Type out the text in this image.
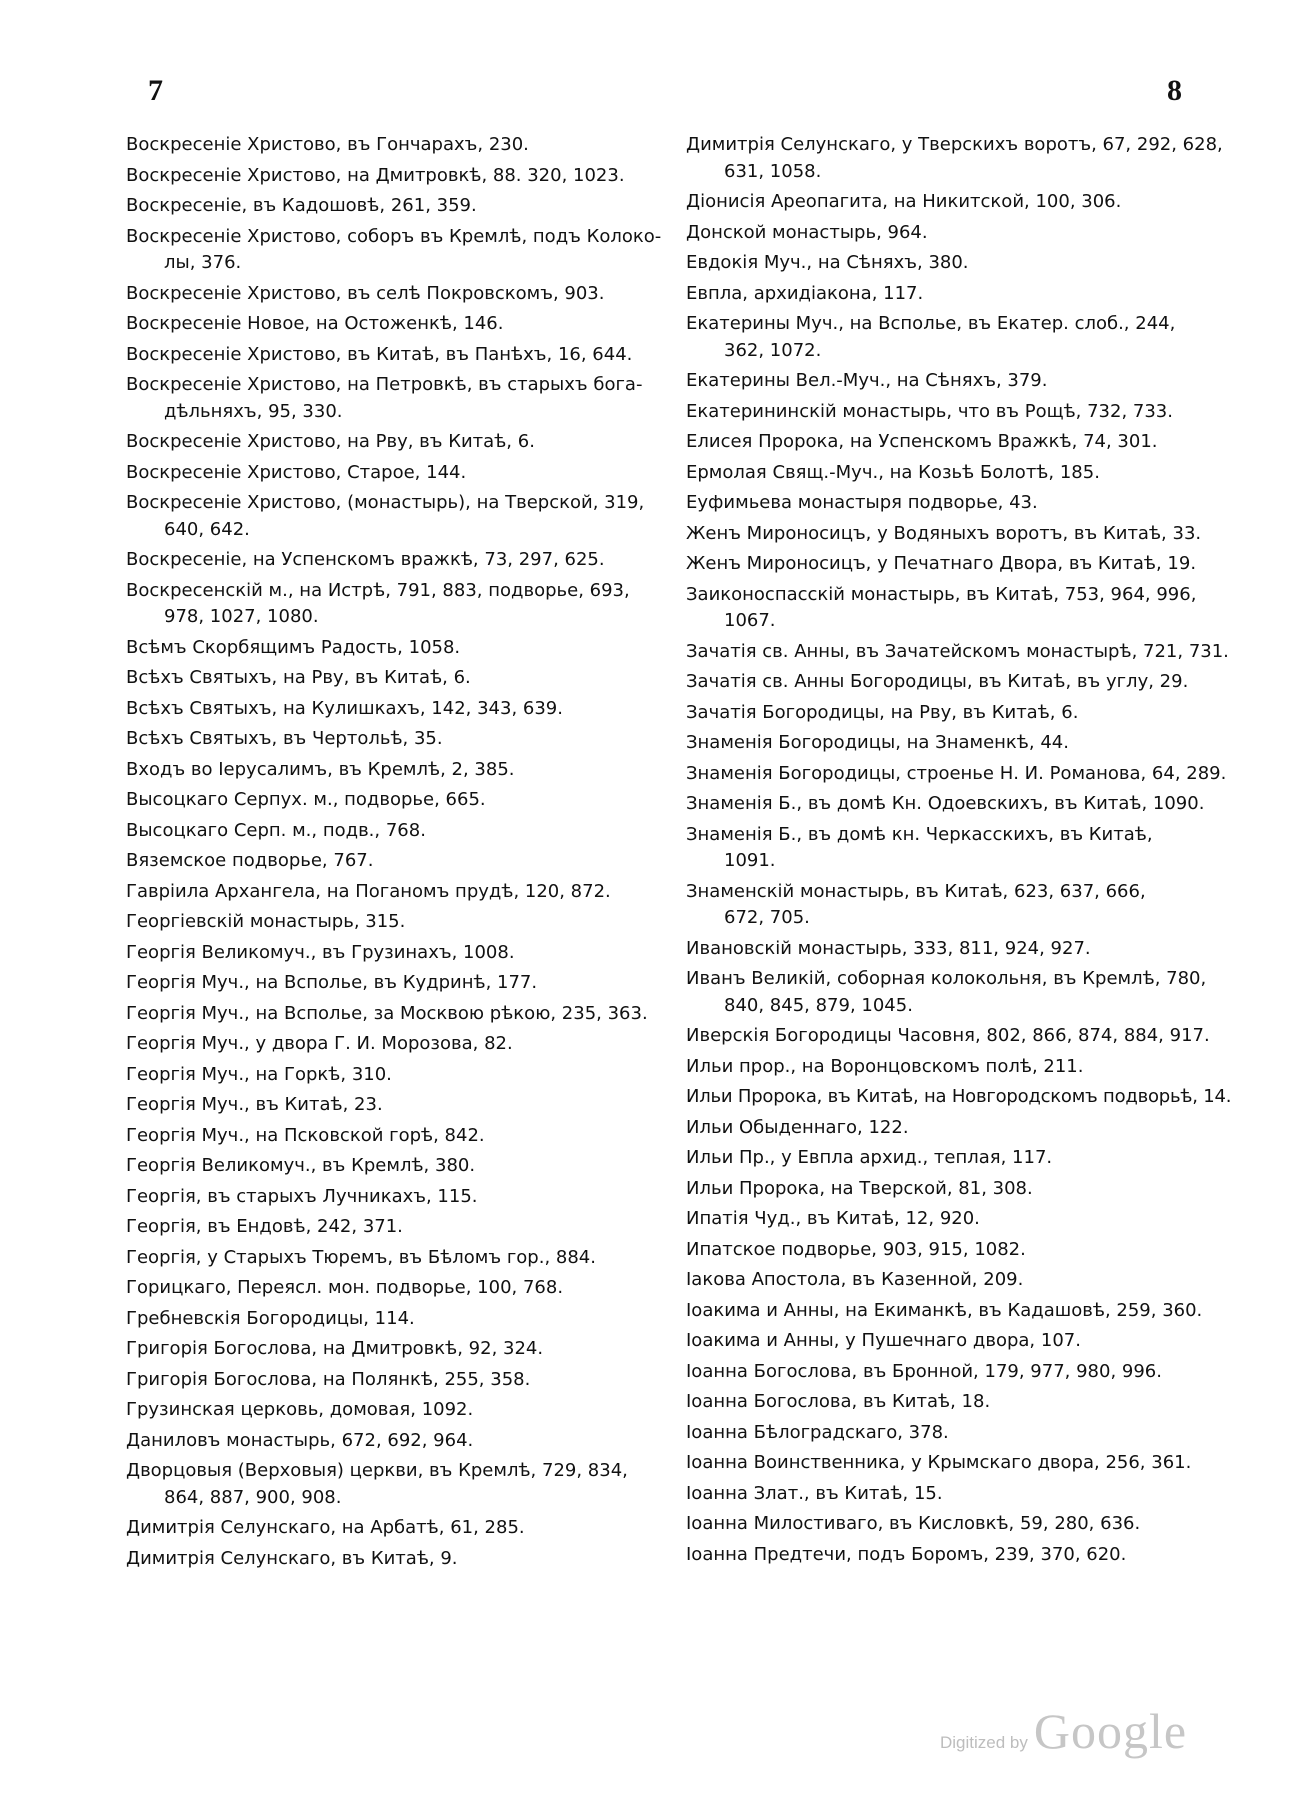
7	8
Воскресеніе Христово, въ Гончарахъ, 230.
Воскресеніе Христово, на Дмитровкѣ, 88. 320, 1023.
Воскресеніе, въ Кадошовѣ, 261, 359.
Воскресеніе Христово, соборъ въ Кремлѣ, подъ Колоко-
лы, 376.
Воскресеніе Христово, въ селѣ Покровскомъ, 903.
Воскресеніе Новое, на Остоженкѣ, 146.
Воскресеніе Христово, въ Китаѣ, въ Панѣхъ, 16, 644.
Воскресеніе Христово, на Петровкѣ, въ старыхъ бога-
дѣльняхъ, 95, 330.
Воскресеніе Христово, на Рву, въ Китаѣ, 6.
Воскресеніе Христово, Старое, 144.
Воскресеніе Христово, (монастырь), на Тверской, 319,
640, 642.
Воскресеніе, на Успенскомъ вражкѣ, 73, 297, 625.
Воскресенскій м., на Истрѣ, 791, 883, подворье, 693,
978, 1027, 1080.
Всѣмъ Скорбящимъ Радость, 1058.
Всѣхъ Святыхъ, на Рву, въ Китаѣ, 6.
Всѣхъ Святыхъ, на Кулишкахъ, 142, 343, 639.
Всѣхъ Святыхъ, въ Чертольѣ, 35.
Входъ во Іерусалимъ, въ Кремлѣ, 2, 385.
Высоцкаго Серпух. м., подворье, 665.
Высоцкаго Серп. м., подв., 768.
Вяземское подворье, 767.
Гавріила Архангела, на Поганомъ прудѣ, 120, 872.
Георгіевскій монастырь, 315.
Георгія Великомуч., въ Грузинахъ, 1008.
Георгія Муч., на Всполье, въ Кудринѣ, 177.
Георгія Муч., на Всполье, за Москвою рѣкою, 235, 363.
Георгія Муч., у двора Г. И. Морозова, 82.
Георгія Муч., на Горкѣ, 310.
Георгія Муч., въ Китаѣ, 23.
Георгія Муч., на Псковской горѣ, 842.
Георгія Великомуч., въ Кремлѣ, 380.
Георгія, въ старыхъ Лучникахъ, 115.
Георгія, въ Ендовѣ, 242, 371.
Георгія, у Старыхъ Тюремъ, въ Бѣломъ гор., 884.
Горицкаго, Переясл. мон. подворье, 100, 768.
Гребневскія Богородицы, 114.
Григорія Богослова, на Дмитровкѣ, 92, 324.
Григорія Богослова, на Полянкѣ, 255, 358.
Грузинская церковь, домовая, 1092.
Даниловъ монастырь, 672, 692, 964.
Дворцовыя (Верховыя) церкви, въ Кремлѣ, 729, 834,
864, 887, 900, 908.
Димитрія Селунскаго, на Арбатѣ, 61, 285.
Димитрія Селунскаго, въ Китаѣ, 9.
Димитрія Селунскаго, у Тверскихъ воротъ, 67, 292, 628,
631, 1058.
Діонисія Ареопагита, на Никитской, 100, 306.
Донской монастырь, 964.
Евдокія Муч., на Сѣняхъ, 380.
Евпла, архидіакона, 117.
Екатерины Муч., на Всполье, въ Екатер. слоб., 244,
362, 1072.
Екатерины Вел.-Муч., на Сѣняхъ, 379.
Екатерининскій монастырь, что въ Рощѣ, 732, 733.
Елисея Пророка, на Успенскомъ Вражкѣ, 74, 301.
Ермолая Свящ.-Муч., на Козьѣ Болотѣ, 185.
Еуфимьева монастыря подворье, 43.
Женъ Мироносицъ, у Водяныхъ воротъ, въ Китаѣ, 33.
Женъ Мироносицъ, у Печатнаго Двора, въ Китаѣ, 19.
Заиконоспасскій монастырь, въ Китаѣ, 753, 964, 996,
1067.
Зачатія св. Анны, въ Зачатейскомъ монастырѣ, 721, 731.
Зачатія св. Анны Богородицы, въ Китаѣ, въ углу, 29.
Зачатія Богородицы, на Рву, въ Китаѣ, 6.
Знаменія Богородицы, на Знаменкѣ, 44.
Знаменія Богородицы, строенье Н. И. Романова, 64, 289.
Знаменія Б., въ домѣ Кн. Одоевскихъ, въ Китаѣ, 1090.
Знаменія Б., въ домѣ кн. Черкасскихъ, въ Китаѣ,
1091.
Знаменскій монастырь, въ Китаѣ, 623, 637, 666,
672, 705.
Ивановскій монастырь, 333, 811, 924, 927.
Иванъ Великій, соборная колокольня, въ Кремлѣ, 780,
840, 845, 879, 1045.
Иверскія Богородицы Часовня, 802, 866, 874, 884, 917.
Ильи прор., на Воронцовскомъ полѣ, 211.
Ильи Пророка, въ Китаѣ, на Новгородскомъ подворьѣ, 14.
Ильи Обыденнаго, 122.
Ильи Пр., у Евпла архид., теплая, 117.
Ильи Пророка, на Тверской, 81, 308.
Ипатія Чуд., въ Китаѣ, 12, 920.
Ипатское подворье, 903, 915, 1082.
Іакова Апостола, въ Казенной, 209.
Іоакима и Анны, на Екиманкѣ, въ Кадашовѣ, 259, 360.
Іоакима и Анны, у Пушечнаго двора, 107.
Іоанна Богослова, въ Бронной, 179, 977, 980, 996.
Іоанна Богослова, въ Китаѣ, 18.
Іоанна Бѣлоградскаго, 378.
Іоанна Воинственника, у Крымскаго двора, 256, 361.
Іоанна Злат., въ Китаѣ, 15.
Іоанна Милостиваго, въ Кисловкѣ, 59, 280, 636.
Іоанна Предтечи, подъ Боромъ, 239, 370, 620.
Digitized by Google
